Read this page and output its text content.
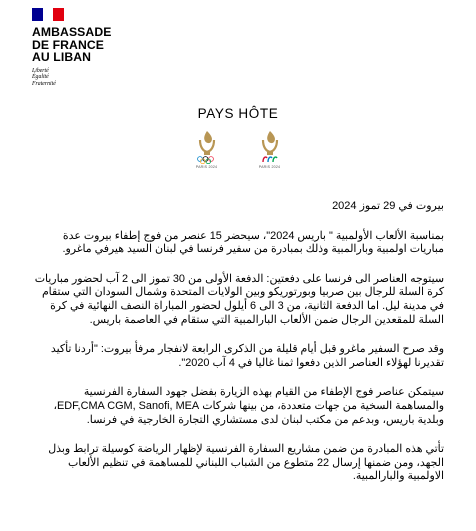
AMBASSADE
DE FRANCE
AU LIBAN
Liberté
Égalité
Fraternité
PAYS HÔTE
PARIS 2024	PARIS 2024

بيروت في 29 تموز 2024

بمناسبة الألعاب الأولمبية " باريس 2024"، سيحضر 15 عنصر من فوج إطفاء بيروت عدة مباريات اولمبية وبارالمبية وذلك بمبادرة من سفير فرنسا في لبنان السيد هيرفي ماغرو.

سيتوجه العناصر الى فرنسا على دفعتين: الدفعة الأولى من 30 تموز الى 2 آب لحضور مباريات كرة السلة للرجال بين صربيا وبورتوريكو وبين الولايات المتحدة وشمال السودان التي ستقام في مدينة ليل. اما الدفعة الثانية، من 3 الى 6 أيلول لحضور المباراة النصف النهائية في كرة السلة للمقعدين الرجال ضمن الألعاب البارالمبية التي ستقام في العاصمة باريس.

وقد صرح السفير ماغرو قبل أيام قليلة من الذكرى الرابعة لانفجار مرفأ بيروت: "أردنا تأكيد تقديرنا لهؤلاء العناصر الذين دفعوا ثمنا غاليا في 4 آب 2020".

سيتمكن عناصر فوج الإطفاء من القيام بهذه الزيارة بفضل جهود السفارة الفرنسية والمساهمة السخية من جهات متعددة، من بينها شركات EDF,CMA CGM, Sanofi, MEA، وبلدية باريس، وبدعم من مكتب لبنان لدى مستشاري التجارة الخارجية في فرنسا.

تأتي هذه المبادرة من ضمن مشاريع السفارة الفرنسية لإظهار الرياضة كوسيلة ترابط وبذل الجهد، ومن ضمنها إرسال 22 متطوع من الشباب اللبناني للمساهمة في تنظيم الألعاب الاولمبية والبارالمبية.
